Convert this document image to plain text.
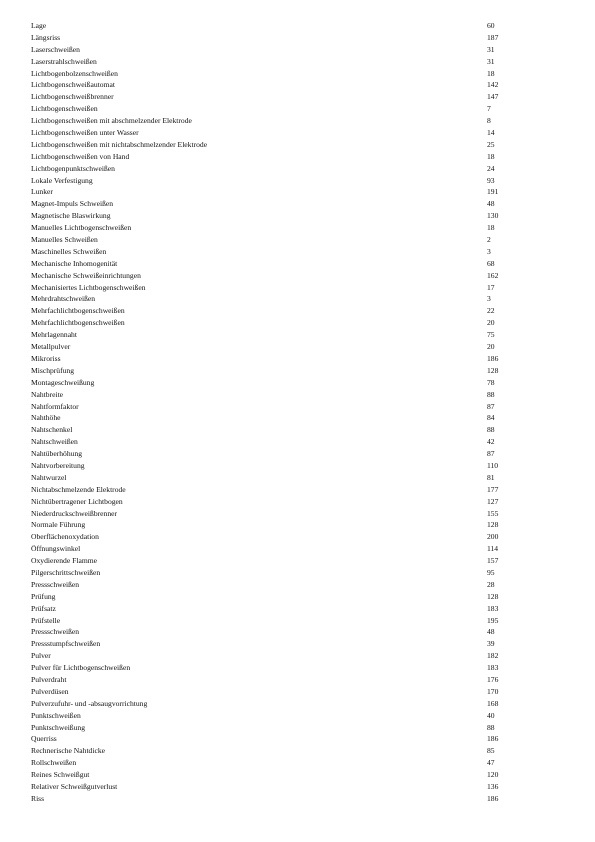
Lage	60
Längsriss	187
Laserschweißen	31
Laserstrahlschweißen	31
Lichtbogenbolzenschweißen	18
Lichtbogenschweißautomat	142
Lichtbogenschweißbrenner	147
Lichtbogenschweißen	7
Lichtbogenschweißen mit abschmelzender Elektrode	8
Lichtbogenschweißen unter Wasser	14
Lichtbogenschweißen mit nichtabschmelzender Elektrode	25
Lichtbogenschweißen von Hand	18
Lichtbogenpunktschweißen	24
Lokale Verfestigung	93
Lunker	191
Magnet-Impuls Schweißen	48
Magnetische Blaswirkung	130
Manuelles Lichtbogenschweißen	18
Manuelles Schweißen	2
Maschinelles Schweißen	3
Mechanische Inhomogenität	68
Mechanische Schweißeinrichtungen	162
Mechanisiertes Lichtbogenschweißen	17
Mehrdrahtschweißen	3
Mehrfachlichtbogenschweißen	22
Mehrfachlichtbogenschweißen	20
Mehrlagennaht	75
Metallpulver	20
Mikroriss	186
Mischprüfung	128
Montageschweißung	78
Nahtbreite	88
Nahtformfaktor	87
Nahthöhe	84
Nahtschenkel	88
Nahtschweißen	42
Nahtüberhöhung	87
Nahtvorbereitung	110
Nahtwurzel	81
Nichtabschmelzende Elektrode	177
Nichtübertragener Lichtbogen	127
Niederdruckschweißbrenner	155
Normale Führung	128
Oberflächenoxydation	200
Öffnungswinkel	114
Oxydierende Flamme	157
Pilgerschrittschweißen	95
Pressschweißen	28
Prüfung	128
Prüfsatz	183
Prüfstelle	195
Pressschweißen	48
Pressstumpfschweißen	39
Pulver	182
Pulver für Lichtbogenschweißen	183
Pulverdraht	176
Pulverdüsen	170
Pulverzufuhr- und -absaugvorrichtung	168
Punktschweißen	40
Punktschweißung	88
Querriss	186
Rechnerische Nahtdicke	85
Rollschweißen	47
Reines Schweißgut	120
Relativer Schweißgutverlust	136
Riss	186
